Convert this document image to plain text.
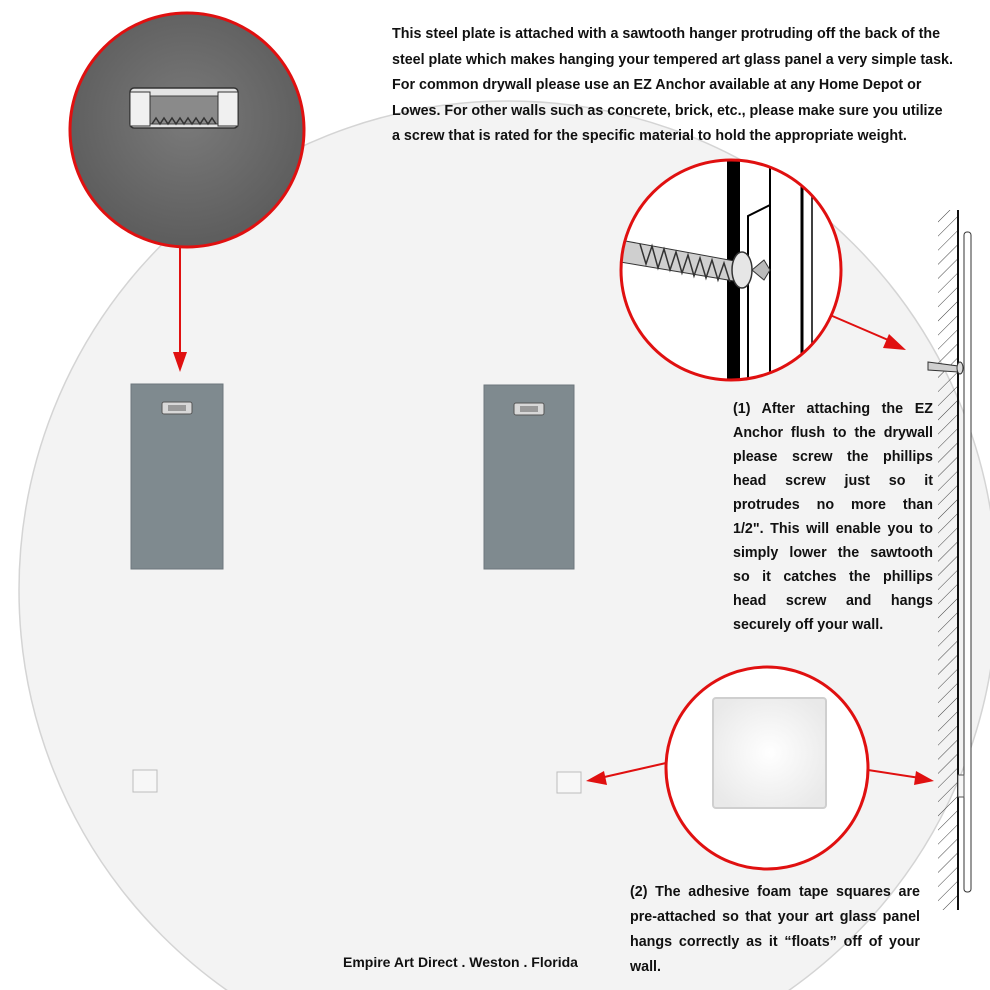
This steel plate is attached with a sawtooth hanger protruding off the back of the
steel plate which makes hanging your tempered art glass panel a very simple task.
For common drywall please use an EZ Anchor available at any Home Depot or
Lowes. For other walls such as concrete, brick, etc., please make sure you utilize
a screw that is rated for the specific material to hold the appropriate weight.
(1) After attaching the EZ
Anchor flush to the drywall
please screw the phillips
head screw just so it
protrudes no more than
1/2". This will enable you to
simply lower the sawtooth
so it catches the phillips
head screw and hangs
securely off your wall.
(2) The adhesive foam tape squares are
pre-attached so that your art glass panel
hangs correctly as it “floats” off of your
wall.
Empire Art Direct . Weston . Florida
